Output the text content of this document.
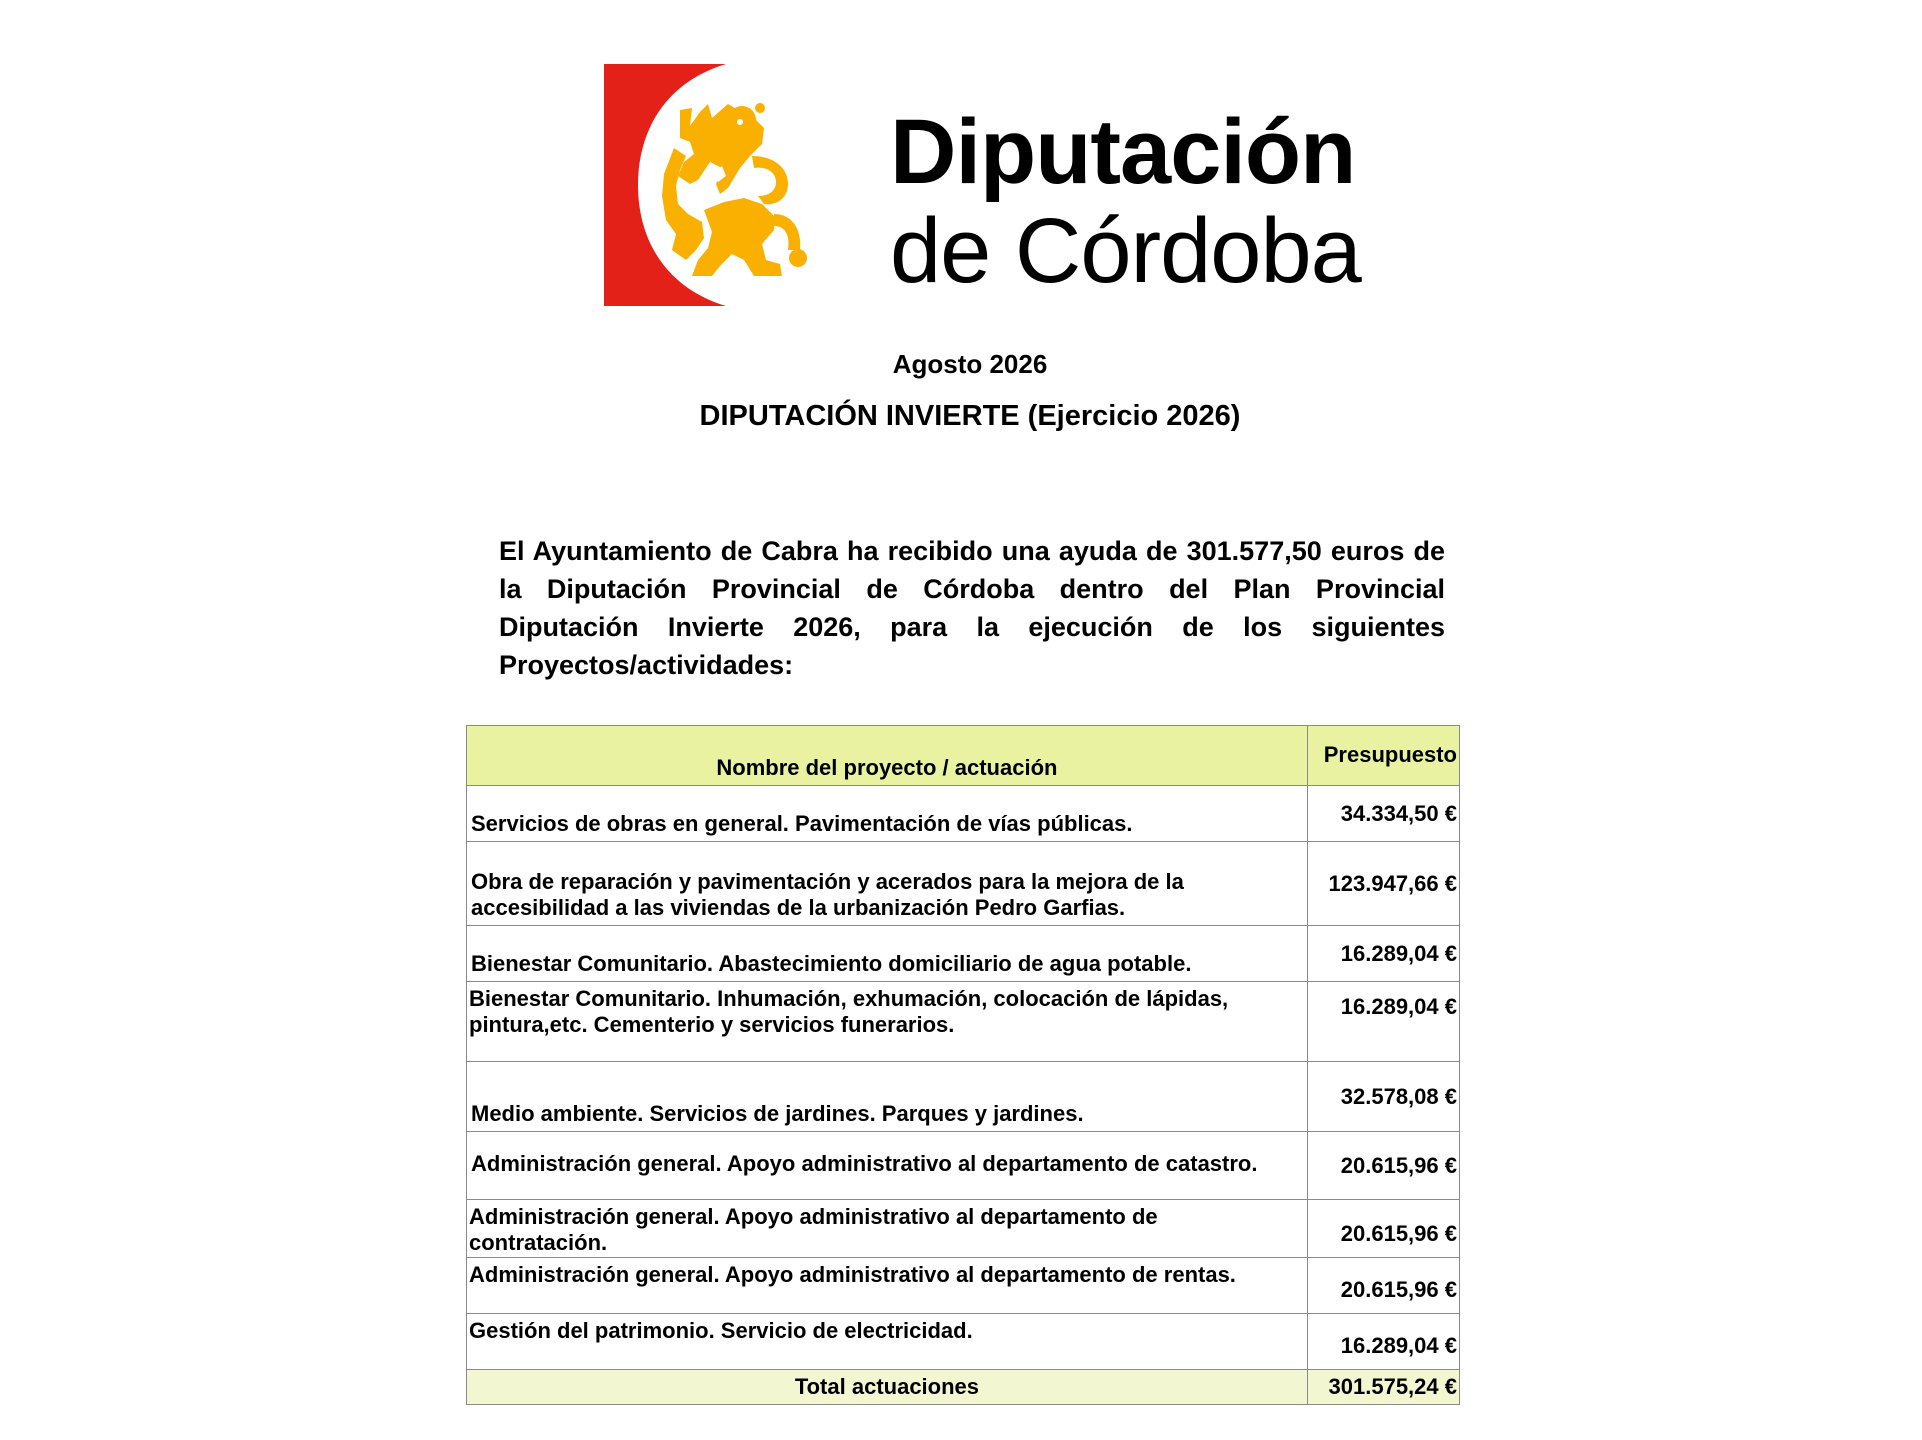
Diputación
de Córdoba
Agosto 2026
DIPUTACIÓN INVIERTE (Ejercicio 2026)

El Ayuntamiento de Cabra ha recibido una ayuda de 301.577,50 euros de la Diputación Provincial de Córdoba dentro del Plan Provincial Diputación Invierte 2026, para la ejecución de los siguientes Proyectos/actividades:

Nombre del proyecto / actuación	Presupuesto
Servicios de obras en general. Pavimentación de vías públicas.	34.334,50 €
Obra de reparación y pavimentación y acerados para la mejora de la accesibilidad a las viviendas de la urbanización Pedro Garfias.	123.947,66 €
Bienestar Comunitario. Abastecimiento domiciliario de agua potable.	16.289,04 €
Bienestar Comunitario. Inhumación, exhumación, colocación de lápidas, pintura,etc. Cementerio y servicios funerarios.	16.289,04 €
Medio ambiente. Servicios de jardines. Parques y jardines.	32.578,08 €
Administración general. Apoyo administrativo al departamento de catastro.	20.615,96 €
Administración general. Apoyo administrativo al departamento de contratación.	20.615,96 €
Administración general. Apoyo administrativo al departamento de rentas.	20.615,96 €
Gestión del patrimonio. Servicio de electricidad.	16.289,04 €
Total actuaciones	301.575,24 €
